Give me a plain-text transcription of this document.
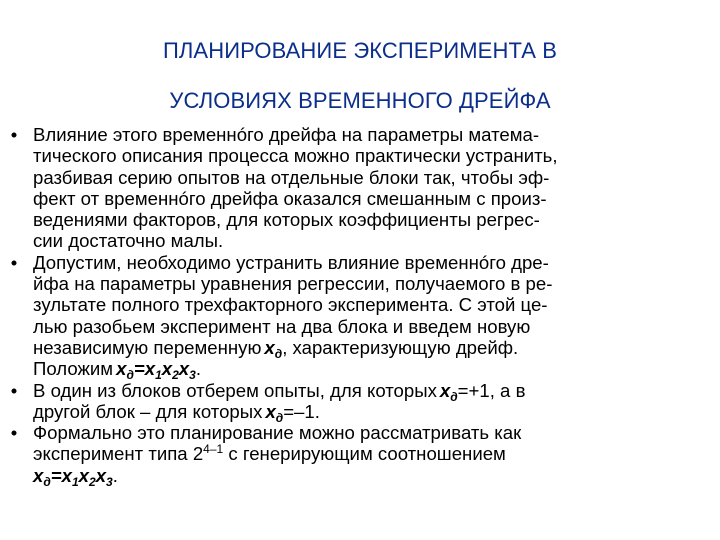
ПЛАНИРОВАНИЕ ЭКСПЕРИМЕНТА В
УСЛОВИЯХ ВРЕМЕННОГО ДРЕЙФА
• Влияние этого временнóго дрейфа на параметры матема-
тического описания процесса можно практически устранить,
разбивая серию опытов на отдельные блоки так, чтобы эф-
фект от временнóго дрейфа оказался смешанным с произ-
ведениями факторов, для которых коэффициенты регрес-
сии достаточно малы.
• Допустим, необходимо устранить влияние временнóго дре-
йфа на параметры уравнения регрессии, получаемого в ре-
зультате полного трехфакторного эксперимента. С этой це-
лью разобьем эксперимент на два блока и введем новую
независимую переменную $x_д$, характеризующую дрейф.
Положим $x_д=x_1x_2x_3$.
• В один из блоков отберем опыты, для которых $x_д=+1$, а в
другой блок – для которых $x_д=-1$.
• Формально это планирование можно рассматривать как
эксперимент типа 2$^{4-1}$ с генерирующим соотношением
$x_д=x_1x_2x_3$.
